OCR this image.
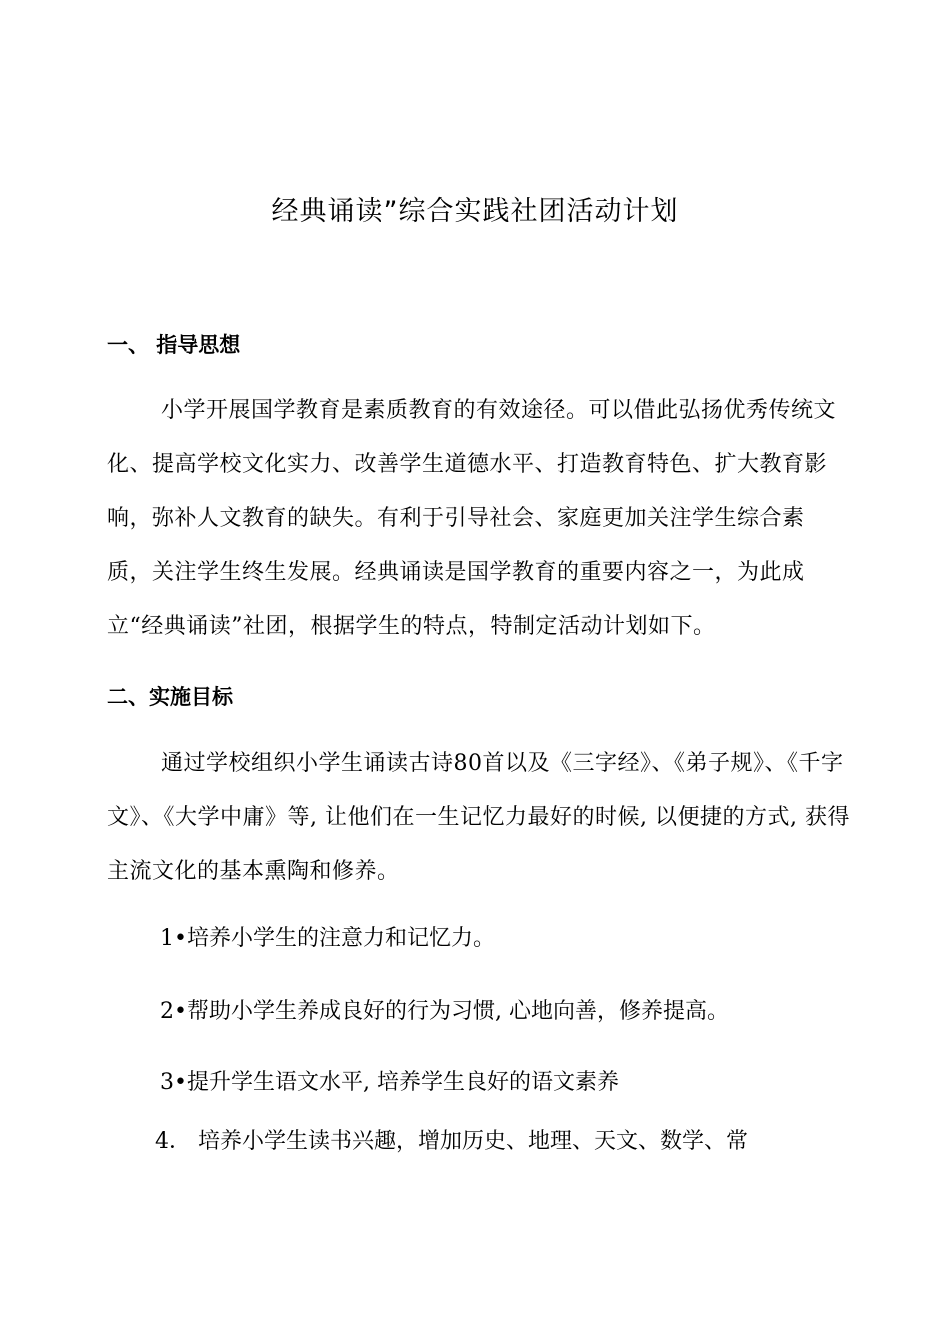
经典诵读”综合实践社团活动计划
一、 指导思想

小学开展国学教育是素质教育的有效途径。可以借此弘扬优秀传统文化、提高学校文化实力、改善学生道德水平、打造教育特色、扩大教育影响，弥补人文教育的缺失。有利于引导社会、家庭更加关注学生综合素质，关注学生终生发展。经典诵读是国学教育的重要内容之一，为此成立“经典诵读”社团，根据学生的特点，特制定活动计划如下。

二、实施目标

通过学校组织小学生诵读古诗80首以及《三字经》、《弟子规》、《千字文》、《大学中庸》等, 让他们在一生记忆力最好的时候, 以便捷的方式, 获得主流文化的基本熏陶和修养。

1•培养小学生的注意力和记忆力。
2•帮助小学生养成良好的行为习惯, 心地向善，修养提高。
3•提升学生语文水平, 培养学生良好的语文素养
4． 培养小学生读书兴趣，增加历史、地理、天文、数学、常
